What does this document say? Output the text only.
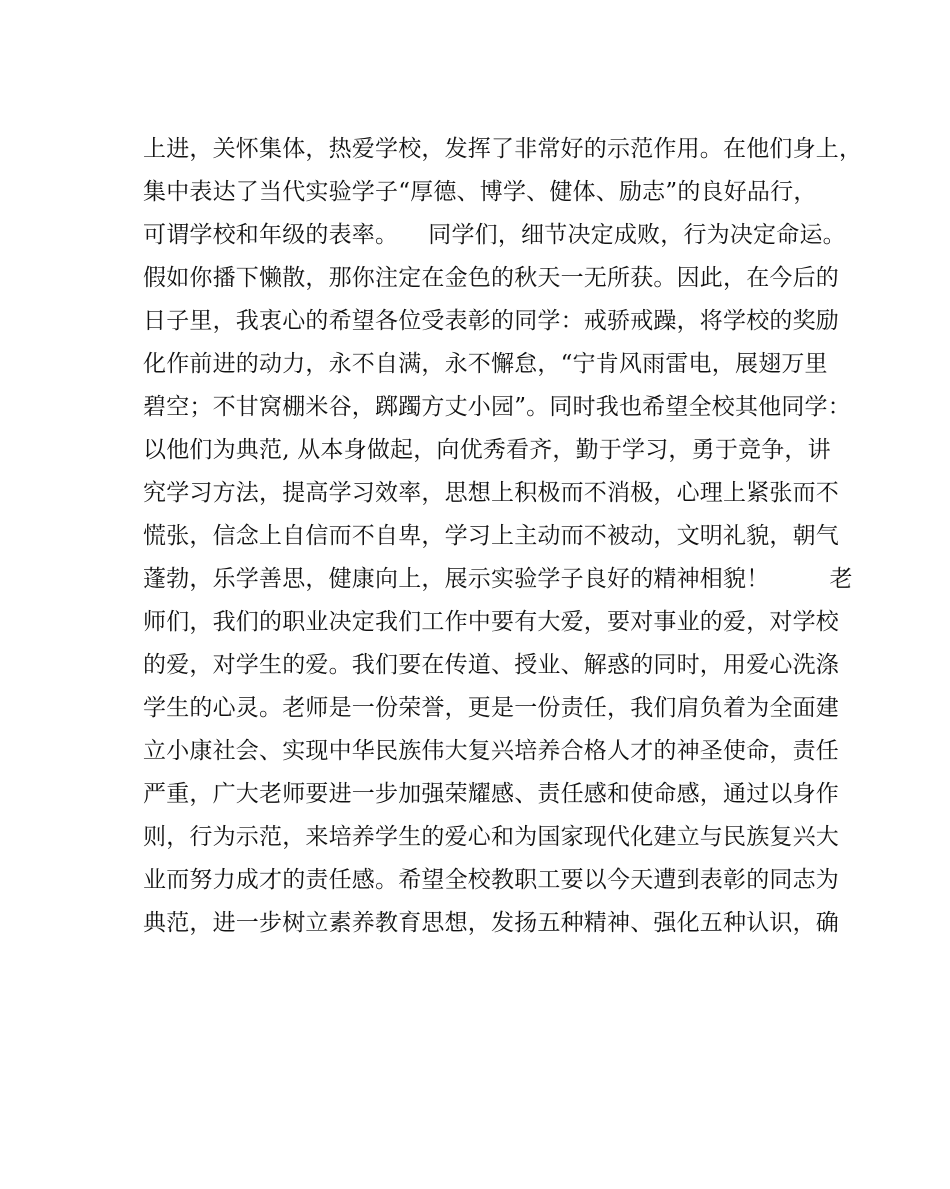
上进，关怀集体，热爱学校，发挥了非常好的示范作用。在他们身上，
集中表达了当代实验学子“厚德、博学、健体、励志”的良好品行，
可谓学校和年级的表率。    同学们，细节决定成败，行为决定命运。
假如你播下懒散，那你注定在金色的秋天一无所获。因此，在今后的
日子里，我衷心的希望各位受表彰的同学：戒骄戒躁，将学校的奖励
化作前进的动力，永不自满，永不懈怠，“宁肯风雨雷电，展翅万里
碧空；不甘窝棚米谷，踯躅方丈小园”。同时我也希望全校其他同学：
以他们为典范, 从本身做起，向优秀看齐，勤于学习，勇于竞争，讲
究学习方法，提高学习效率，思想上积极而不消极，心理上紧张而不
慌张，信念上自信而不自卑，学习上主动而不被动，文明礼貌，朝气
蓬勃，乐学善思，健康向上，展示实验学子良好的精神相貌！        老
师们，我们的职业决定我们工作中要有大爱，要对事业的爱，对学校
的爱，对学生的爱。我们要在传道、授业、解惑的同时，用爱心洗涤
学生的心灵。老师是一份荣誉，更是一份责任，我们肩负着为全面建
立小康社会、实现中华民族伟大复兴培养合格人才的神圣使命，责任
严重，广大老师要进一步加强荣耀感、责任感和使命感，通过以身作
则，行为示范，来培养学生的爱心和为国家现代化建立与民族复兴大
业而努力成才的责任感。希望全校教职工要以今天遭到表彰的同志为
典范，进一步树立素养教育思想，发扬五种精神、强化五种认识，确
